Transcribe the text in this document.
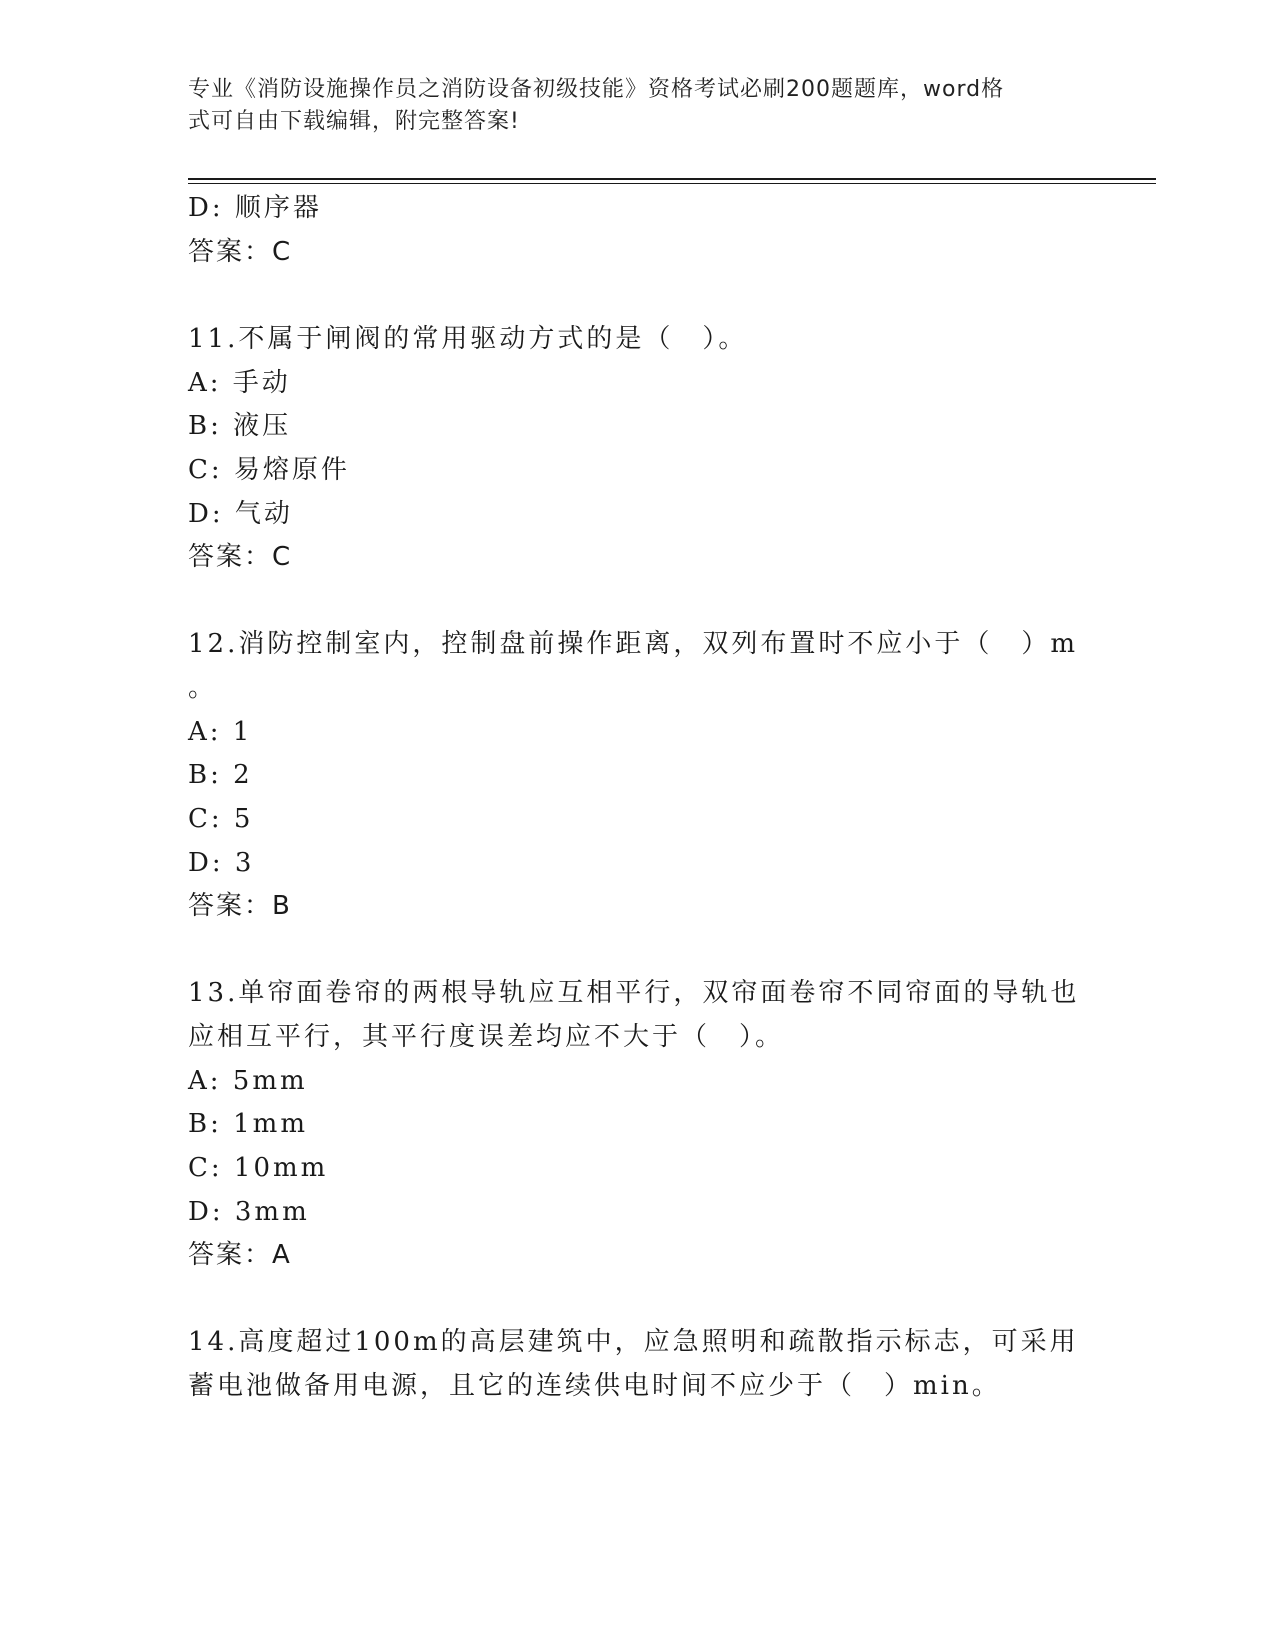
专业《消防设施操作员之消防设备初级技能》资格考试必刷200题题库，word格
式可自由下载编辑，附完整答案!
D: 顺序器
答案：C
11.不属于闸阀的常用驱动方式的是（　）。
A: 手动
B: 液压
C: 易熔原件
D: 气动
答案：C
12.消防控制室内，控制盘前操作距离，双列布置时不应小于（　）m
。
A: 1
B: 2
C: 5
D: 3
答案：B
13.单帘面卷帘的两根导轨应互相平行，双帘面卷帘不同帘面的导轨也
应相互平行，其平行度误差均应不大于（　）。
A: 5mm
B: 1mm
C: 10mm
D: 3mm
答案：A
14.高度超过100m的高层建筑中，应急照明和疏散指示标志，可采用
蓄电池做备用电源，且它的连续供电时间不应少于（　）min。
